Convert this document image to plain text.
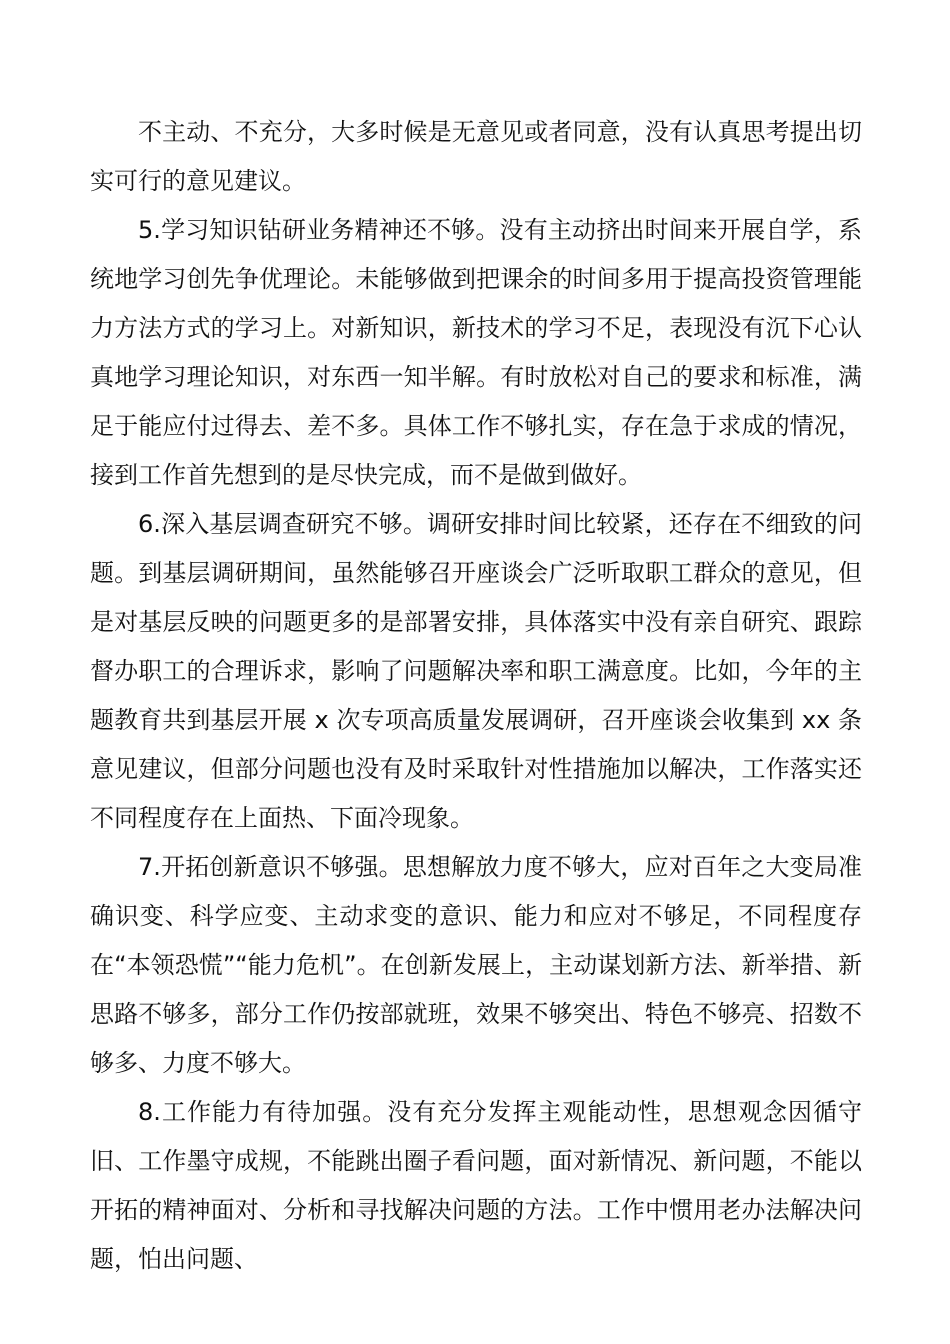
不主动、不充分，大多时候是无意见或者同意，没有认真思考提出切实可行的意见建议。

5.学习知识钻研业务精神还不够。没有主动挤出时间来开展自学，系统地学习创先争优理论。未能够做到把课余的时间多用于提高投资管理能力方法方式的学习上。对新知识，新技术的学习不足，表现没有沉下心认真地学习理论知识，对东西一知半解。有时放松对自己的要求和标准，满足于能应付过得去、差不多。具体工作不够扎实，存在急于求成的情况，接到工作首先想到的是尽快完成，而不是做到做好。

6.深入基层调查研究不够。调研安排时间比较紧，还存在不细致的问题。到基层调研期间，虽然能够召开座谈会广泛听取职工群众的意见，但是对基层反映的问题更多的是部署安排，具体落实中没有亲自研究、跟踪督办职工的合理诉求，影响了问题解决率和职工满意度。比如，今年的主题教育共到基层开展 x 次专项高质量发展调研，召开座谈会收集到 xx 条意见建议，但部分问题也没有及时采取针对性措施加以解决，工作落实还不同程度存在上面热、下面冷现象。

7.开拓创新意识不够强。思想解放力度不够大，应对百年之大变局准确识变、科学应变、主动求变的意识、能力和应对不够足，不同程度存在“本领恐慌”“能力危机”。在创新发展上，主动谋划新方法、新举措、新思路不够多，部分工作仍按部就班，效果不够突出、特色不够亮、招数不够多、力度不够大。

8.工作能力有待加强。没有充分发挥主观能动性，思想观念因循守旧、工作墨守成规，不能跳出圈子看问题，面对新情况、新问题，不能以开拓的精神面对、分析和寻找解决问题的方法。工作中惯用老办法解决问题，怕出问题、
